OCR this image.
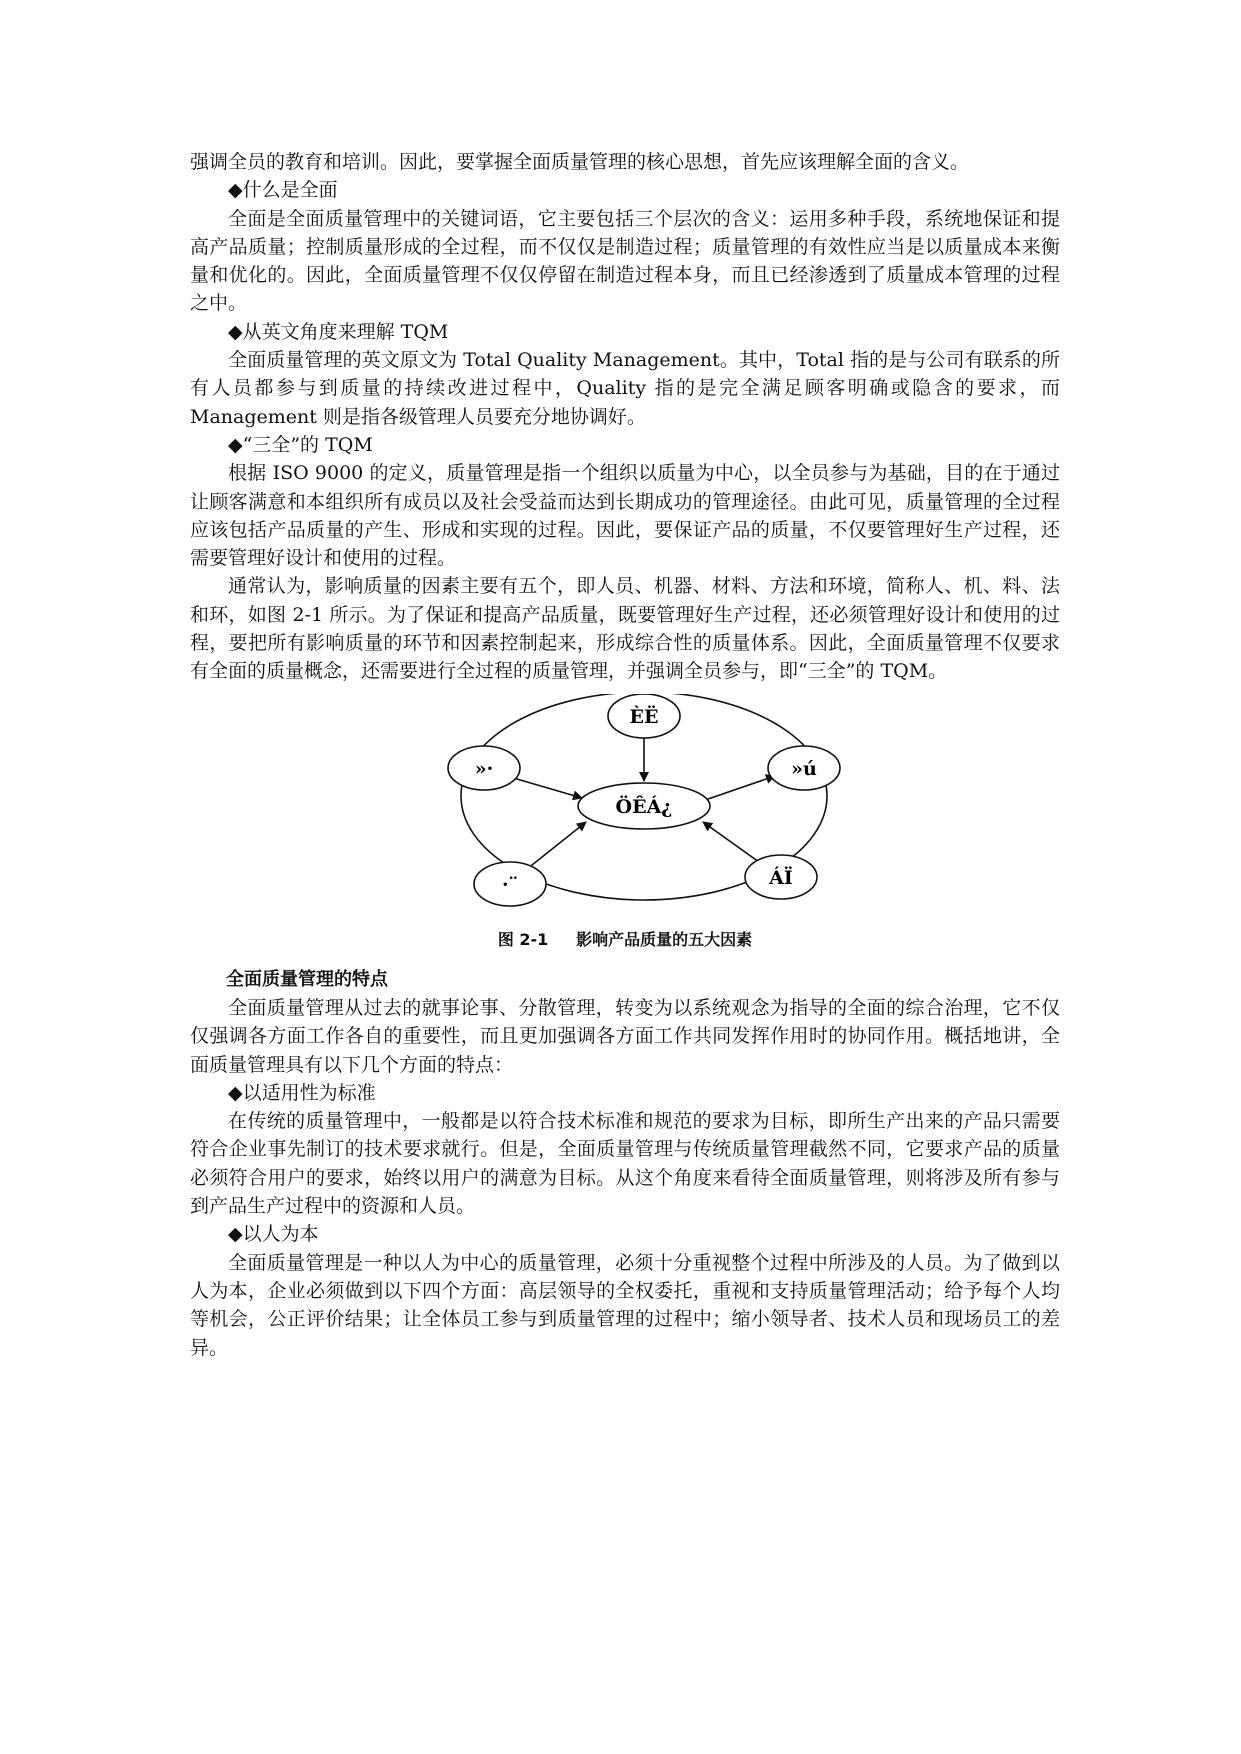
强调全员的教育和培训。因此，要掌握全面质量管理的核心思想，首先应该理解全面的含义。

◆什么是全面

全面是全面质量管理中的关键词语，它主要包括三个层次的含义：运用多种手段，系统地保证和提高产品质量；控制质量形成的全过程，而不仅仅是制造过程；质量管理的有效性应当是以质量成本来衡量和优化的。因此，全面质量管理不仅仅停留在制造过程本身，而且已经渗透到了质量成本管理的过程之中。

◆从英文角度来理解 TQM

全面质量管理的英文原文为 Total Quality Management。其中，Total 指的是与公司有联系的所有人员都参与到质量的持续改进过程中，Quality 指的是完全满足顾客明确或隐含的要求，而 Management 则是指各级管理人员要充分地协调好。

◆“三全”的 TQM

根据 ISO 9000 的定义，质量管理是指一个组织以质量为中心，以全员参与为基础，目的在于通过让顾客满意和本组织所有成员以及社会受益而达到长期成功的管理途径。由此可见，质量管理的全过程应该包括产品质量的产生、形成和实现的过程。因此，要保证产品的质量，不仅要管理好生产过程，还需要管理好设计和使用的过程。

通常认为，影响质量的因素主要有五个，即人员、机器、材料、方法和环境，简称人、机、料、法和环，如图 2-1 所示。为了保证和提高产品质量，既要管理好生产过程，还必须管理好设计和使用的过程，要把所有影响质量的环节和因素控制起来，形成综合性的质量体系。因此，全面质量管理不仅要求有全面的质量概念，还需要进行全过程的质量管理，并强调全员参与，即“三全”的 TQM。

ÈË
»·	»ú
·¨	ÁÏ
ÖÊÁ¿
图 2-1 影响产品质量的五大因素

全面质量管理的特点

全面质量管理从过去的就事论事、分散管理，转变为以系统观念为指导的全面的综合治理，它不仅仅强调各方面工作各自的重要性，而且更加强调各方面工作共同发挥作用时的协同作用。概括地讲，全面质量管理具有以下几个方面的特点：

◆以适用性为标准

在传统的质量管理中，一般都是以符合技术标准和规范的要求为目标，即所生产出来的产品只需要符合企业事先制订的技术要求就行。但是，全面质量管理与传统质量管理截然不同，它要求产品的质量必须符合用户的要求，始终以用户的满意为目标。从这个角度来看待全面质量管理，则将涉及所有参与到产品生产过程中的资源和人员。

◆以人为本

全面质量管理是一种以人为中心的质量管理，必须十分重视整个过程中所涉及的人员。为了做到以人为本，企业必须做到以下四个方面：高层领导的全权委托，重视和支持质量管理活动；给予每个人均等机会，公正评价结果；让全体员工参与到质量管理的过程中；缩小领导者、技术人员和现场员工的差异。
